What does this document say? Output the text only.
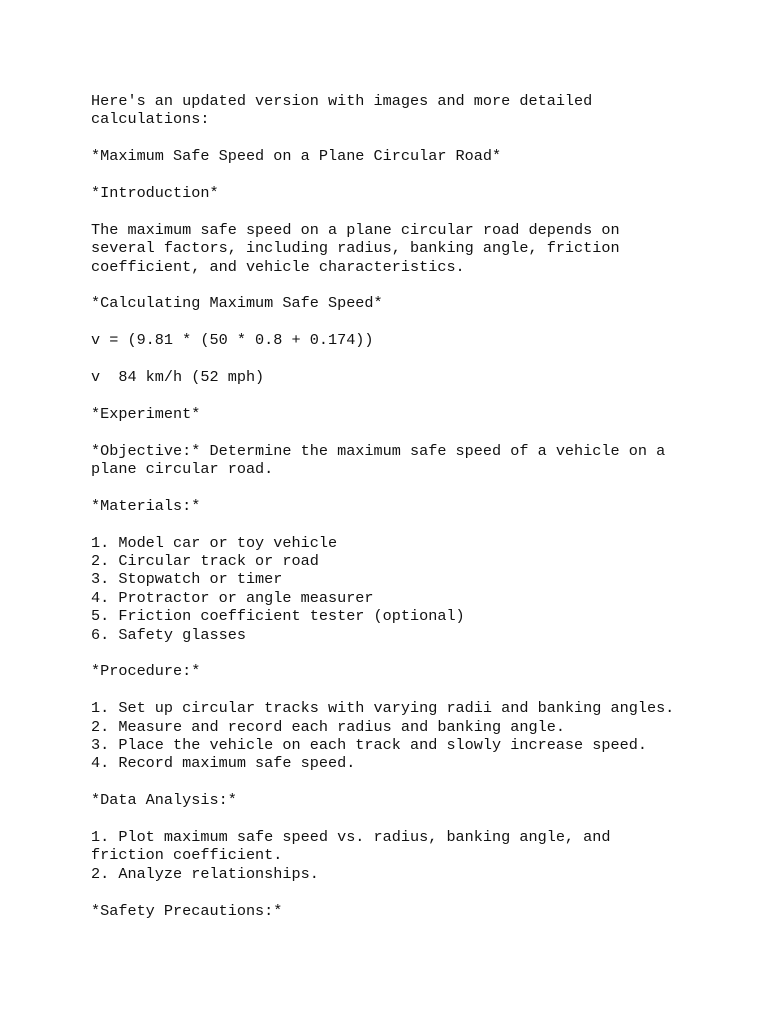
Here's an updated version with images and more detailed
calculations:
*Maximum Safe Speed on a Plane Circular Road*
*Introduction*
The maximum safe speed on a plane circular road depends on
several factors, including radius, banking angle, friction
coefficient, and vehicle characteristics.
*Calculating Maximum Safe Speed*
v = (9.81 * (50 * 0.8 + 0.174))
v  84 km/h (52 mph)
*Experiment*
*Objective:* Determine the maximum safe speed of a vehicle on a
plane circular road.
*Materials:*
1. Model car or toy vehicle
2. Circular track or road
3. Stopwatch or timer
4. Protractor or angle measurer
5. Friction coefficient tester (optional)
6. Safety glasses
*Procedure:*
1. Set up circular tracks with varying radii and banking angles.
2. Measure and record each radius and banking angle.
3. Place the vehicle on each track and slowly increase speed.
4. Record maximum safe speed.
*Data Analysis:*
1. Plot maximum safe speed vs. radius, banking angle, and
friction coefficient.
2. Analyze relationships.
*Safety Precautions:*
